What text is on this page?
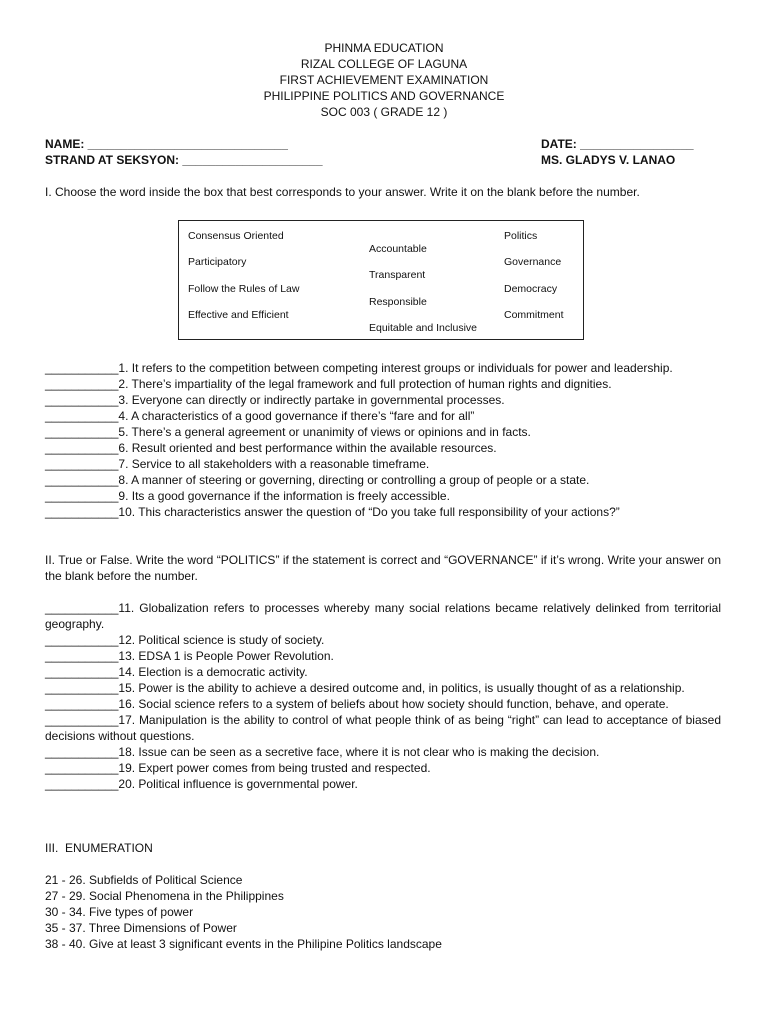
PHINMA EDUCATION
RIZAL COLLEGE OF LAGUNA
FIRST ACHIEVEMENT EXAMINATION
PHILIPPINE POLITICS AND GOVERNANCE
SOC 003 ( GRADE 12 )
NAME: ______________________________
STRAND AT SEKSYON: _____________________
DATE: _________________
MS. GLADYS V. LANAO
I. Choose the word inside the box that best corresponds to your answer. Write it on the blank before the number.
Consensus Oriented
Accountable
Politics
Participatory
Transparent
Governance
Follow the Rules of Law
Responsible
Democracy
Effective and Efficient
Equitable and Inclusive
Commitment
___________1. It refers to the competition between competing interest groups or individuals for power and leadership.
___________2. There’s impartiality of the legal framework and full protection of human rights and dignities.
___________3. Everyone can directly or indirectly partake in governmental processes.
___________4. A characteristics of a good governance if there’s “fare and for all”
___________5. There’s a general agreement or unanimity of views or opinions and in facts.
___________6. Result oriented and best performance within the available resources.
___________7. Service to all stakeholders with a reasonable timeframe.
___________8. A manner of steering or governing, directing or controlling a group of people or a state.
___________9. Its a good governance if the information is freely accessible.
___________10. This characteristics answer the question of “Do you take full responsibility of your actions?”
II. True or False. Write the word “POLITICS” if the statement is correct and “GOVERNANCE” if it’s wrong. Write your answer on the blank before the number.
___________11. Globalization refers to processes whereby many social relations became relatively delinked from territorial geography.
___________12. Political science is study of society.
___________13. EDSA 1 is People Power Revolution.
___________14. Election is a democratic activity.
___________15. Power is the ability to achieve a desired outcome and, in politics, is usually thought of as a relationship.
___________16. Social science refers to a system of beliefs about how society should function, behave, and operate.
___________17. Manipulation is the ability to control of what people think of as being “right” can lead to acceptance of biased decisions without questions.
___________18. Issue can be seen as a secretive face, where it is not clear who is making the decision.
___________19. Expert power comes from being trusted and respected.
___________20. Political influence is governmental power.
III.  ENUMERATION
21 - 26. Subfields of Political Science
27 - 29. Social Phenomena in the Philippines
30 - 34. Five types of power
35 - 37. Three Dimensions of Power
38 - 40. Give at least 3 significant events in the Philipine Politics landscape
